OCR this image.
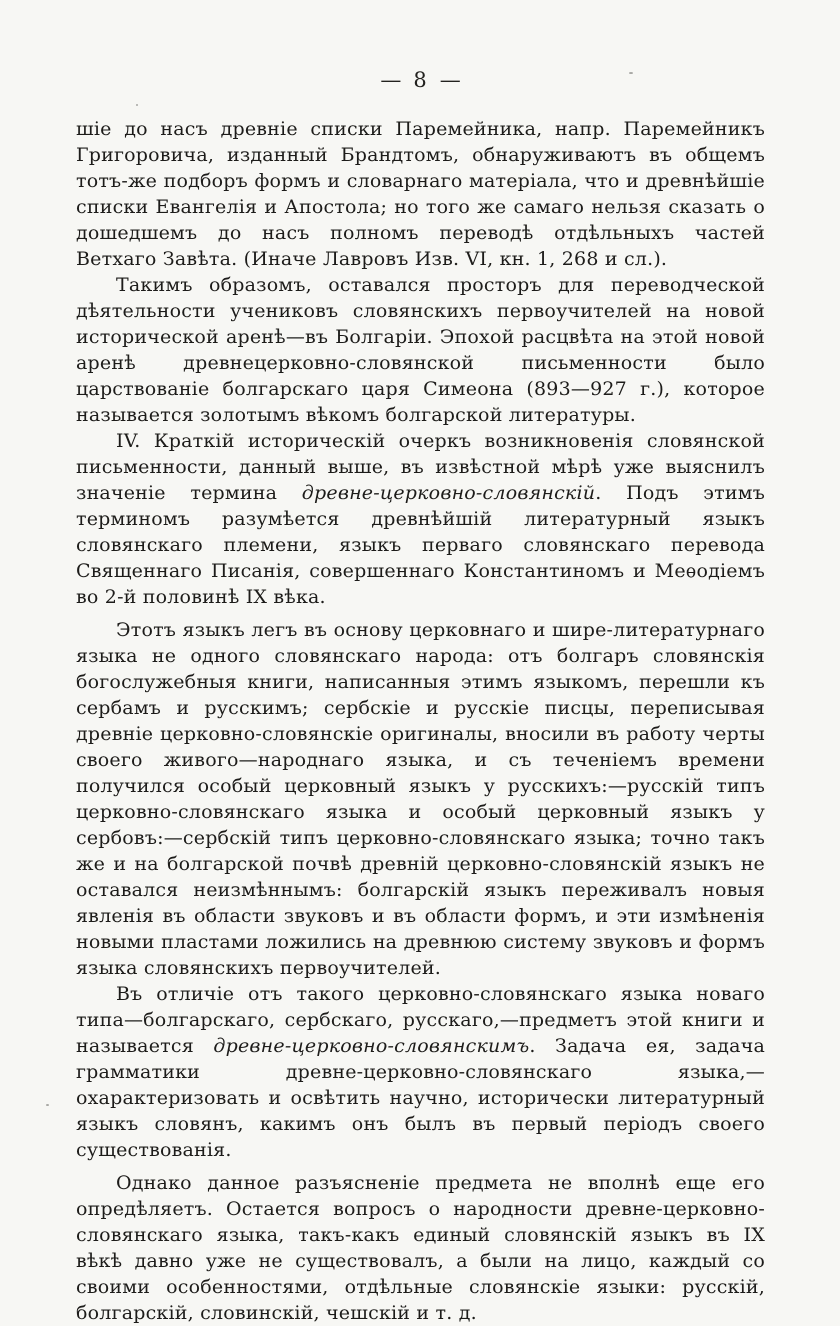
— 8 —

шіе до насъ древніе списки Паремейника, напр. Паремейникъ Григоровича, изданный Брандтомъ, обнаруживаютъ въ общемъ тотъ-же подборъ формъ и словарнаго матеріала, что и древнѣйшіе списки Евангелія и Апостола; но того же самаго нельзя сказать о дошедшемъ до насъ полномъ переводѣ отдѣльныхъ частей Ветхаго Завѣта. (Иначе Лавровъ Изв. VI, кн. 1, 268 и сл.).

Такимъ образомъ, оставался просторъ для переводческой дѣятельности учениковъ словянскихъ первоучителей на новой исторической аренѣ—въ Болгаріи. Эпохой расцвѣта на этой новой аренѣ древнецерковно-словянской письменности было царствованіе болгарскаго царя Симеона (893—927 г.), которое называется золотымъ вѣкомъ болгарской литературы.

IV. Краткій историческій очеркъ возникновенія словянской письменности, данный выше, въ извѣстной мѣрѣ уже выяснилъ значеніе термина древне-церковно-словянскій. Подъ этимъ терминомъ разумѣется древнѣйшій литературный языкъ словянскаго племени, языкъ перваго словянскаго перевода Священнаго Писанія, совершеннаго Константиномъ и Меѳодіемъ во 2-й половинѣ IX вѣка.

Этотъ языкъ легъ въ основу церковнаго и шире-литературнаго языка не одного словянскаго народа: отъ болгаръ словянскія богослужебныя книги, написанныя этимъ языкомъ, перешли къ сербамъ и русскимъ; сербскіе и русскіе писцы, переписывая древніе церковно-словянскіе оригиналы, вносили въ работу черты своего живого—народнаго языка, и съ теченіемъ времени получился особый церковный языкъ у русскихъ:—русскій типъ церковно-словянскаго языка и особый церковный языкъ у сербовъ:—сербскій типъ церковно-словянскаго языка; точно такъ же и на болгарской почвѣ древній церковно-словянскій языкъ не оставался неизмѣннымъ: болгарскій языкъ переживалъ новыя явленія въ области звуковъ и въ области формъ, и эти измѣненія новыми пластами ложились на древнюю систему звуковъ и формъ языка словянскихъ первоучителей.

Въ отличіе отъ такого церковно-словянскаго языка новаго типа—болгарскаго, сербскаго, русскаго,—предметъ этой книги и называется древне-церковно-словянскимъ. Задача ея, задача грамматики древне-церковно-словянскаго языка,—охарактеризовать и освѣтить научно, исторически литературный языкъ словянъ, какимъ онъ былъ въ первый періодъ своего существованія.

Однако данное разъясненіе предмета не вполнѣ еще его опредѣляетъ. Остается вопросъ о народности древне-церковно-словянскаго языка, такъ-какъ единый словянскій языкъ въ IX вѣкѣ давно уже не существовалъ, а были на лицо, каждый со своими особенностями, отдѣльные словянскіе языки: русскій, болгарскій, словинскій, чешскій и т. д.
